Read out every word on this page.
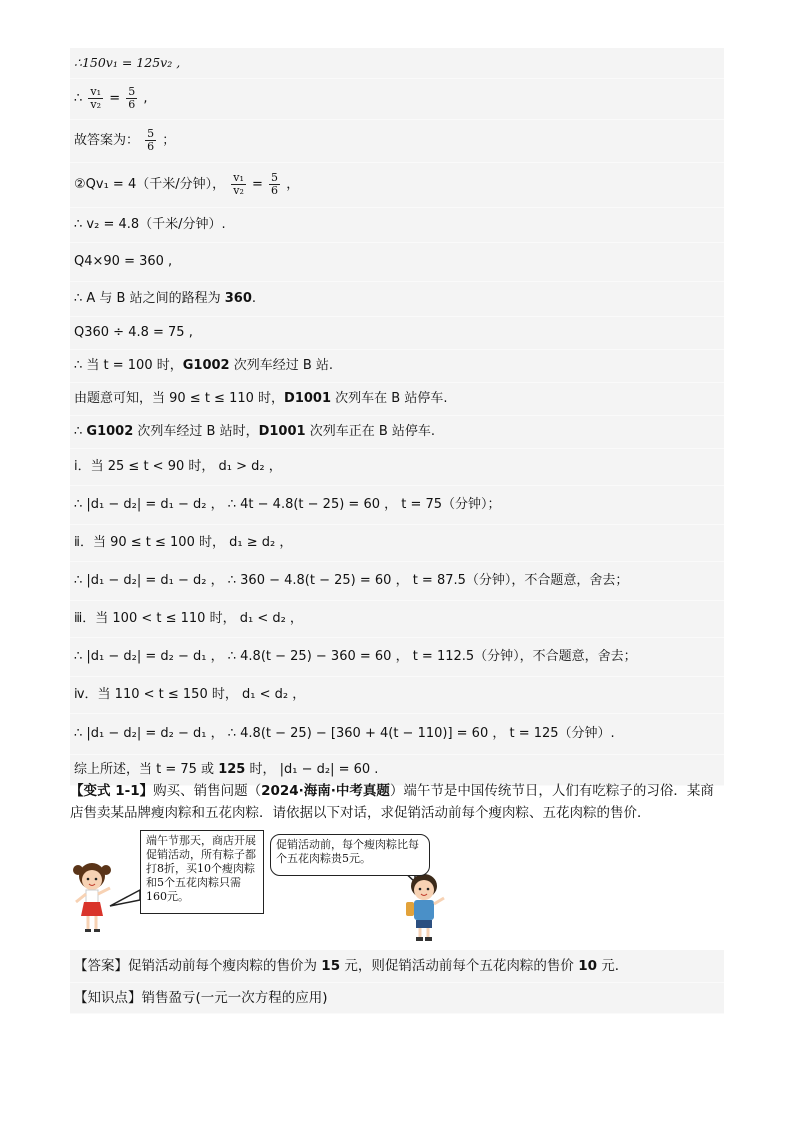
∴150v₁ = 125v₂ ,
∴ $\frac{\text{v₁}}{\text{v₂}} = \frac{5}{6}$ ,
故答案为： $\frac{5}{6}$ ；
②Qv₁ = 4（千米/分钟）， $\frac{\text{v₁}}{\text{v₂}} = \frac{5}{6}$ ，
∴ v₂ = 4.8（千米/分钟）.
Q4×90 = 360 ,
∴ A 与 B 站之间的路程为 360.
Q360 ÷ 4.8 = 75 ,
∴ 当 t = 100 时，G1002 次列车经过 B 站.
由题意可知，当 90 ≤ t ≤ 110 时，D1001 次列车在 B 站停车.
∴ G1002 次列车经过 B 站时，D1001 次列车正在 B 站停车.
ⅰ．当 25 ≤ t < 90 时， d₁ > d₂ ，
∴ |d₁ − d₂| = d₁ − d₂ ， ∴ 4t − 4.8(t − 25) = 60 ， t = 75（分钟）；
ⅱ．当 90 ≤ t ≤ 100 时， d₁ ≥ d₂ ，
∴ |d₁ − d₂| = d₁ − d₂ ， ∴ 360 − 4.8(t − 25) = 60 ， t = 87.5（分钟），不合题意，舍去；
ⅲ．当 100 < t ≤ 110 时， d₁ < d₂ ，
∴ |d₁ − d₂| = d₂ − d₁ ， ∴ 4.8(t − 25) − 360 = 60 ， t = 112.5（分钟），不合题意，舍去；
ⅳ．当 110 < t ≤ 150 时， d₁ < d₂ ，
∴ |d₁ − d₂| = d₂ − d₁ ， ∴ 4.8(t − 25) − [360 + 4(t − 110)] = 60 ， t = 125（分钟）.
综上所述，当 t = 75 或 125 时， |d₁ − d₂| = 60 .
【变式 1-1】购买、销售问题（2024·海南·中考真题）端午节是中国传统节日，人们有吃粽子的习俗．某商
店售卖某品牌瘦肉粽和五花肉粽．请依据以下对话，求促销活动前每个瘦肉粽、五花肉粽的售价．
端午节那天，商店开展促销活动，所有粽子都打8折，买10个瘦肉粽和5个五花肉粽只需160元。
促销活动前，每个瘦肉粽比每个五花肉粽贵5元。
【答案】促销活动前每个瘦肉粽的售价为 15 元，则促销活动前每个五花肉粽的售价 10 元．
【知识点】销售盈亏(一元一次方程的应用)
